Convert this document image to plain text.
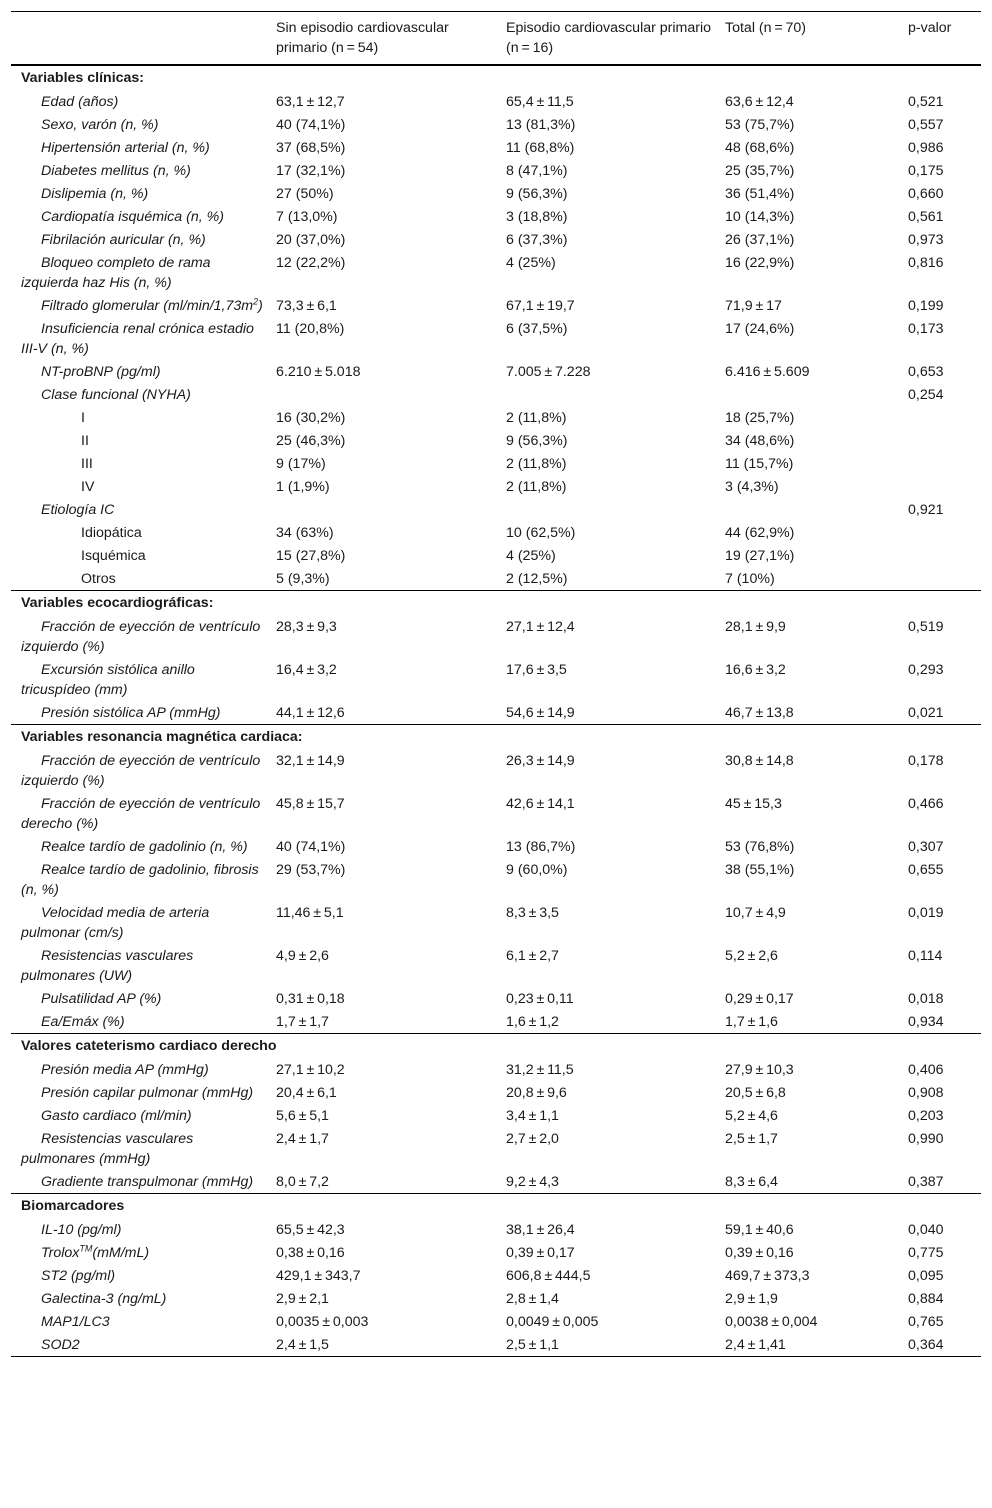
	Sin episodio cardiovascular primario (n = 54)	Episodio cardiovascular primario (n = 16)	Total (n = 70)	p-valor
Variables clínicas:				
Edad (años)	63,1 ± 12,7	65,4 ± 11,5	63,6 ± 12,4	0,521
Sexo, varón (n, %)	40 (74,1%)	13 (81,3%)	53 (75,7%)	0,557
Hipertensión arterial (n, %)	37 (68,5%)	11 (68,8%)	48 (68,6%)	0,986
Diabetes mellitus (n, %)	17 (32,1%)	8 (47,1%)	25 (35,7%)	0,175
Dislipemia (n, %)	27 (50%)	9 (56,3%)	36 (51,4%)	0,660
Cardiopatía isquémica (n, %)	7 (13,0%)	3 (18,8%)	10 (14,3%)	0,561
Fibrilación auricular (n, %)	20 (37,0%)	6 (37,3%)	26 (37,1%)	0,973
Bloqueo completo de rama izquierda haz His (n, %)	12 (22,2%)	4 (25%)	16 (22,9%)	0,816
Filtrado glomerular $(ml/\min/1,73m^2)$	73,3 ± 6,1	67,1 ± 19,7	71,9 ± 17	0,199
Insuficiencia renal crónica estadio III-V (n, %)	11 (20,8%)	6 (37,5%)	17 (24,6%)	0,173
NT-proBNP (pg/ml)	6.210 ± 5.018	7.005 ± 7.228	6.416 ± 5.609	0,653
Clase funcional (NYHA)				0,254
I	16 (30,2%)	2 (11,8%)	18 (25,7%)	
II	25 (46,3%)	9 (56,3%)	34 (48,6%)	
III	9 (17%)	2 (11,8%)	11 (15,7%)	
IV	1 (1,9%)	2 (11,8%)	3 (4,3%)	
Etiología IC				0,921
Idiopática	34 (63%)	10 (62,5%)	44 (62,9%)	
Isquémica	15 (27,8%)	4 (25%)	19 (27,1%)	
Otros	5 (9,3%)	2 (12,5%)	7 (10%)	
Variables ecocardiográficas:				
Fracción de eyección de ventrículo izquierdo (%)	28,3 ± 9,3	27,1 ± 12,4	28,1 ± 9,9	0,519
Excursión sistólica anillo tricuspídeo (mm)	16,4 ± 3,2	17,6 ± 3,5	16,6 ± 3,2	0,293
Presión sistólica AP (mmHg)	44,1 ± 12,6	54,6 ± 14,9	46,7 ± 13,8	0,021
Variables resonancia magnética cardiaca:				
Fracción de eyección de ventrículo izquierdo (%)	32,1 ± 14,9	26,3 ± 14,9	30,8 ± 14,8	0,178
Fracción de eyección de ventrículo derecho (%)	45,8 ± 15,7	42,6 ± 14,1	45 ± 15,3	0,466
Realce tardío de gadolinio (n, %)	40 (74,1%)	13 (86,7%)	53 (76,8%)	0,307
Realce tardío de gadolinio, fibrosis (n, %)	29 (53,7%)	9 (60,0%)	38 (55,1%)	0,655
Velocidad media de arteria pulmonar (cm/s)	11,46 ± 5,1	8,3 ± 3,5	10,7 ± 4,9	0,019
Resistencias vasculares pulmonares (UW)	4,9 ± 2,6	6,1 ± 2,7	5,2 ± 2,6	0,114
Pulsatilidad AP (%)	0,31 ± 0,18	0,23 ± 0,11	0,29 ± 0,17	0,018
Ea/Emáx (%)	1,7 ± 1,7	1,6 ± 1,2	1,7 ± 1,6	0,934
Valores cateterismo cardiaco derecho				
Presión media AP (mmHg)	27,1 ± 10,2	31,2 ± 11,5	27,9 ± 10,3	0,406
Presión capilar pulmonar (mmHg)	20,4 ± 6,1	20,8 ± 9,6	20,5 ± 6,8	0,908
Gasto cardiaco (ml/min)	5,6 ± 5,1	3,4 ± 1,1	5,2 ± 4,6	0,203
Resistencias vasculares pulmonares (mmHg)	2,4 ± 1,7	2,7 ± 2,0	2,5 ± 1,7	0,990
Gradiente transpulmonar (mmHg)	8,0 ± 7,2	9,2 ± 4,3	8,3 ± 6,4	0,387
Biomarcadores				
IL-10 (pg/ml)	65,5 ± 42,3	38,1 ± 26,4	59,1 ± 40,6	0,040
Trolox™(mM/mL)	0,38 ± 0,16	0,39 ± 0,17	0,39 ± 0,16	0,775
ST2 (pg/ml)	429,1 ± 343,7	606,8 ± 444,5	469,7 ± 373,3	0,095
Galectina-3 (ng/mL)	2,9 ± 2,1	2,8 ± 1,4	2,9 ± 1,9	0,884
MAP1/LC3	0,0035 ± 0,003	0,0049 ± 0,005	0,0038 ± 0,004	0,765
SOD2	2,4 ± 1,5	2,5 ± 1,1	2,4 ± 1,41	0,364
